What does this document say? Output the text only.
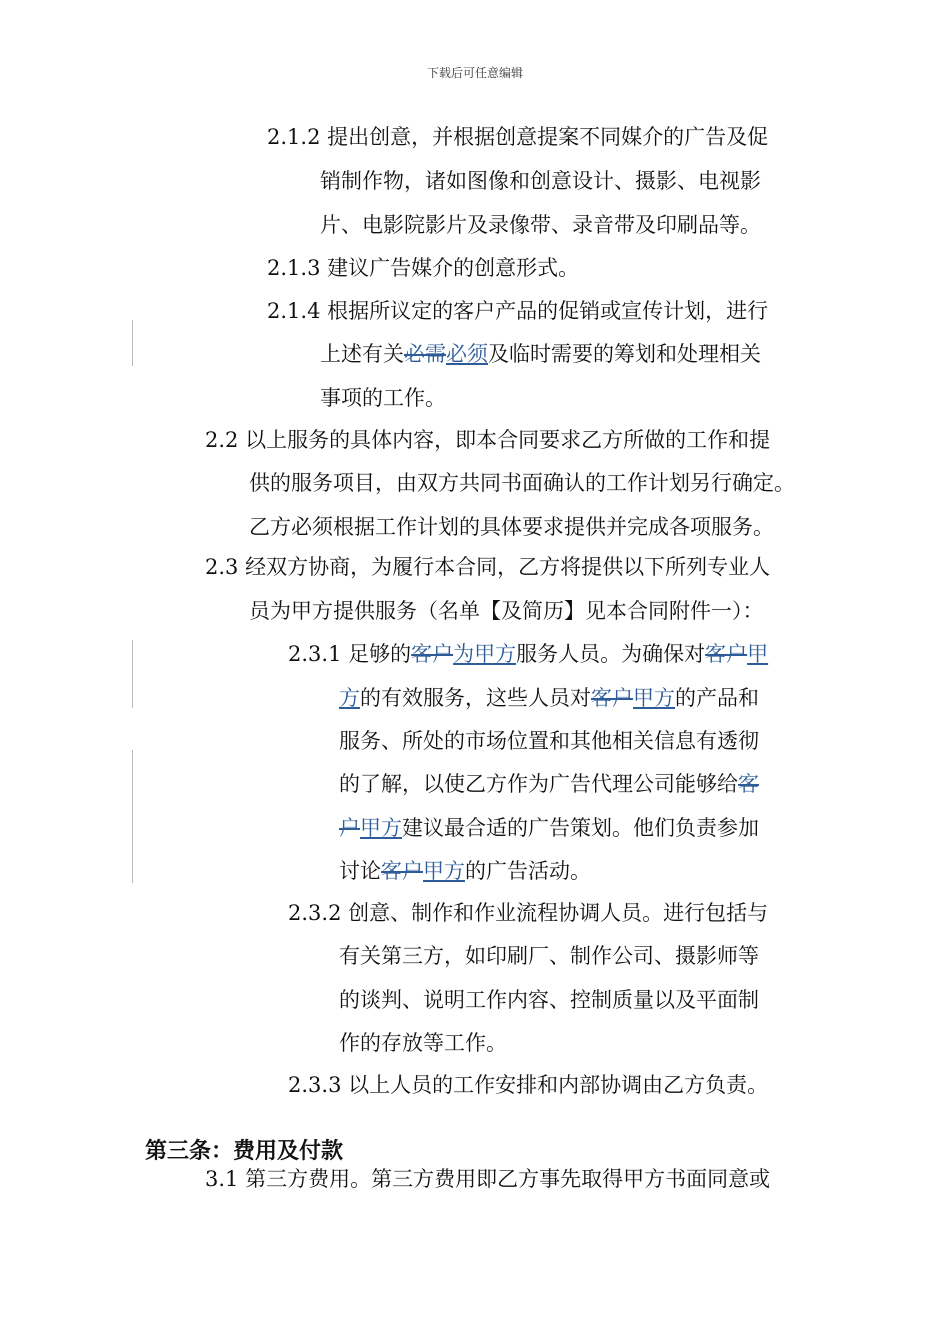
下载后可任意编辑
2.1.2 提出创意，并根据创意提案不同媒介的广告及促
销制作物，诸如图像和创意设计、摄影、电视影
片、电影院影片及录像带、录音带及印刷品等。
2.1.3 建议广告媒介的创意形式。
2.1.4 根据所议定的客户产品的促销或宣传计划，进行
上述有关必需必须及临时需要的筹划和处理相关
事项的工作。
2.2 以上服务的具体内容，即本合同要求乙方所做的工作和提
供的服务项目，由双方共同书面确认的工作计划另行确定。
乙方必须根据工作计划的具体要求提供并完成各项服务。
2.3 经双方协商，为履行本合同，乙方将提供以下所列专业人
员为甲方提供服务（名单【及简历】见本合同附件一）：
2.3.1 足够的客户为甲方服务人员。为确保对客户甲
方的有效服务，这些人员对客户甲方的产品和
服务、所处的市场位置和其他相关信息有透彻
的了解，以使乙方作为广告代理公司能够给客
户甲方建议最合适的广告策划。他们负责参加
讨论客户甲方的广告活动。
2.3.2 创意、制作和作业流程协调人员。进行包括与
有关第三方，如印刷厂、制作公司、摄影师等
的谈判、说明工作内容、控制质量以及平面制
作的存放等工作。
2.3.3 以上人员的工作安排和内部协调由乙方负责。
第三条：费用及付款
3.1 第三方费用。第三方费用即乙方事先取得甲方书面同意或
